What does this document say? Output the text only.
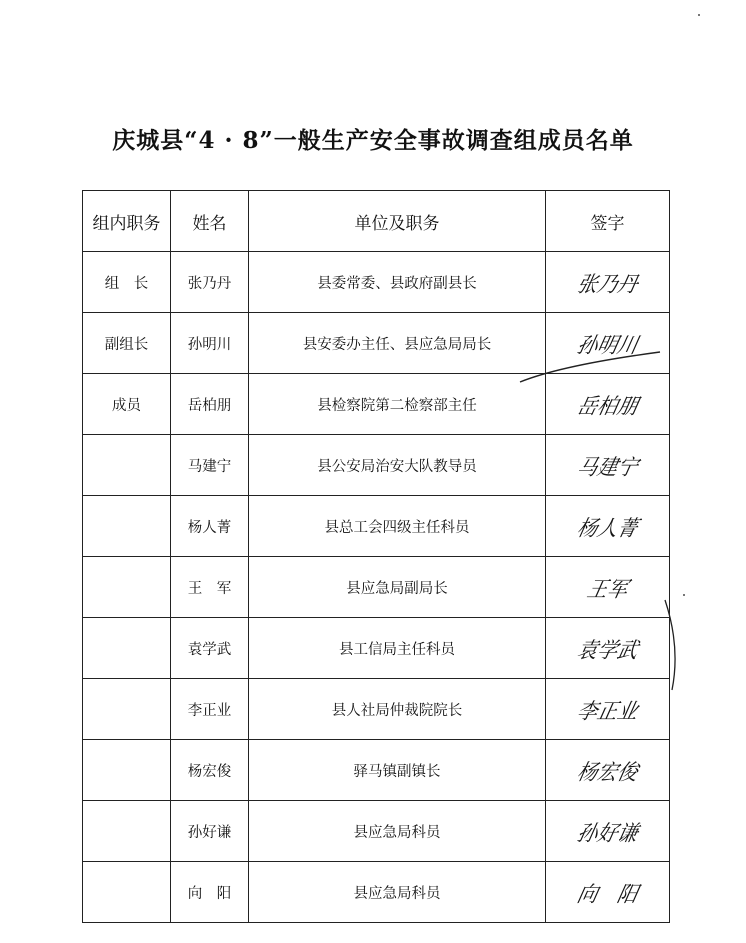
庆城县“4 · 8”一般生产安全事故调查组成员名单
组内职务	姓名	单位及职务	签字
组　长	张乃丹	县委常委、县政府副县长	张乃丹
副组长	孙明川	县安委办主任、县应急局局长	孙明川
成员	岳柏朋	县检察院第二检察部主任	岳柏朋
	马建宁	县公安局治安大队教导员	马建宁
	杨人菁	县总工会四级主任科员	杨人菁
	王　军	县应急局副局长	王军
	袁学武	县工信局主任科员	袁学武
	李正业	县人社局仲裁院院长	李正业
	杨宏俊	驿马镇副镇长	杨宏俊
	孙好谦	县应急局科员	孙好谦
	向　阳	县应急局科员	向　阳
